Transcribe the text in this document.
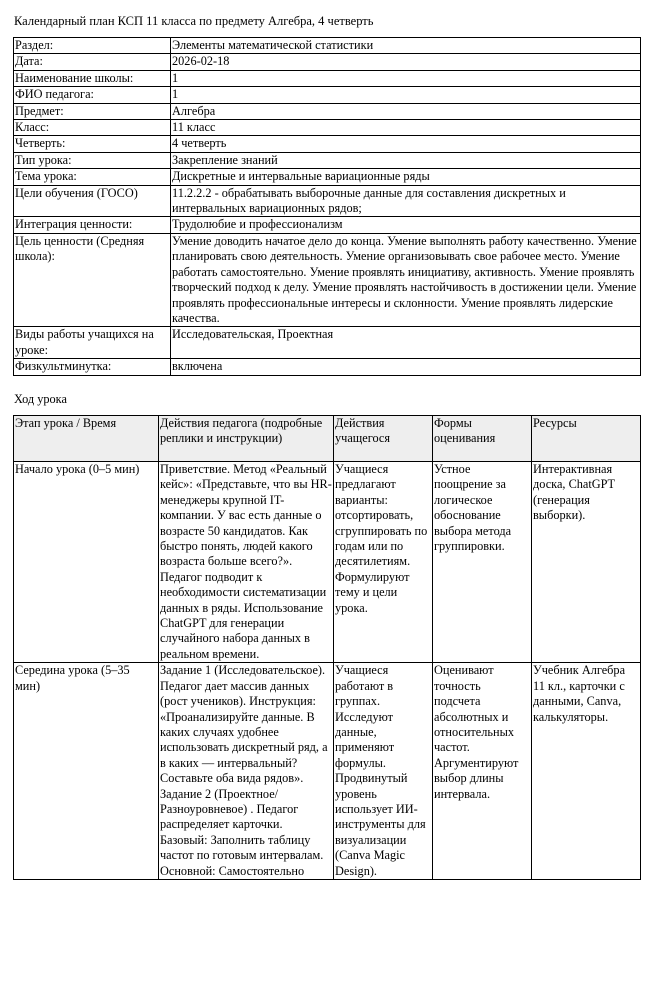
Календарный план КСП 11 класса по предмету Алгебра, 4 четверть
Раздел:	Элементы математической статистики
Дата:	2026-02-18
Наименование школы:	1
ФИО педагога:	1
Предмет:	Алгебра
Класс:	11 класс
Четверть:	4 четверть
Тип урока:	Закрепление знаний
Тема урока:	Дискретные и интервальные вариационные ряды
Цели обучения (ГОСО)	11.2.2.2 - обрабатывать выборочные данные для составления дискретных и интервальных вариационных рядов;
Интеграция ценности:	Трудолюбие и профессионализм
Цель ценности (Средняя школа):	Умение доводить начатое дело до конца. Умение выполнять работу качественно. Умение планировать свою деятельность. Умение организовывать свое рабочее место. Умение работать самостоятельно. Умение проявлять инициативу, активность. Умение проявлять творческий подход к делу. Умение проявлять настойчивость в достижении цели. Умение проявлять профессиональные интересы и склонности. Умение проявлять лидерские качества.
Виды работы учащихся на уроке:	Исследовательская, Проектная
Физкультминутка:	включена
Ход урока
Этап урока / Время	Действия педагога (подробные реплики и инструкции)	Действия учащегося	Формы оценивания	Ресурсы
Начало урока (0–5 мин)	Приветствие. Метод «Реальный кейс»: «Представьте, что вы HR-менеджеры крупной IT-компании. У вас есть данные о возрасте 50 кандидатов. Как быстро понять, людей какого возраста больше всего?». Педагог подводит к необходимости систематизации данных в ряды. Использование ChatGPT для генерации случайного набора данных в реальном времени.	Учащиеся предлагают варианты: отсортировать, сгруппировать по годам или по десятилетиям. Формулируют тему и цели урока.	Устное поощрение за логическое обоснование выбора метода группировки.	Интерактивная доска, ChatGPT (генерация выборки).
Середина урока (5–35 мин)	Задание 1 (Исследовательское). Педагог дает массив данных (рост учеников). Инструкция: «Проанализируйте данные. В каких случаях удобнее использовать дискретный ряд, а в каких — интервальный? Составьте оба вида рядов». Задание 2 (Проектное/Разноуровневое) . Педагог распределяет карточки. Базовый: Заполнить таблицу частот по готовым интервалам. Основной: Самостоятельно	Учащиеся работают в группах. Исследуют данные, применяют формулы. Продвинутый уровень использует ИИ-инструменты для визуализации (Canva Magic Design).	Оценивают точность подсчета абсолютных и относительных частот. Аргументируют выбор длины интервала.	Учебник Алгебра 11 кл., карточки с данными, Canva, калькуляторы.
